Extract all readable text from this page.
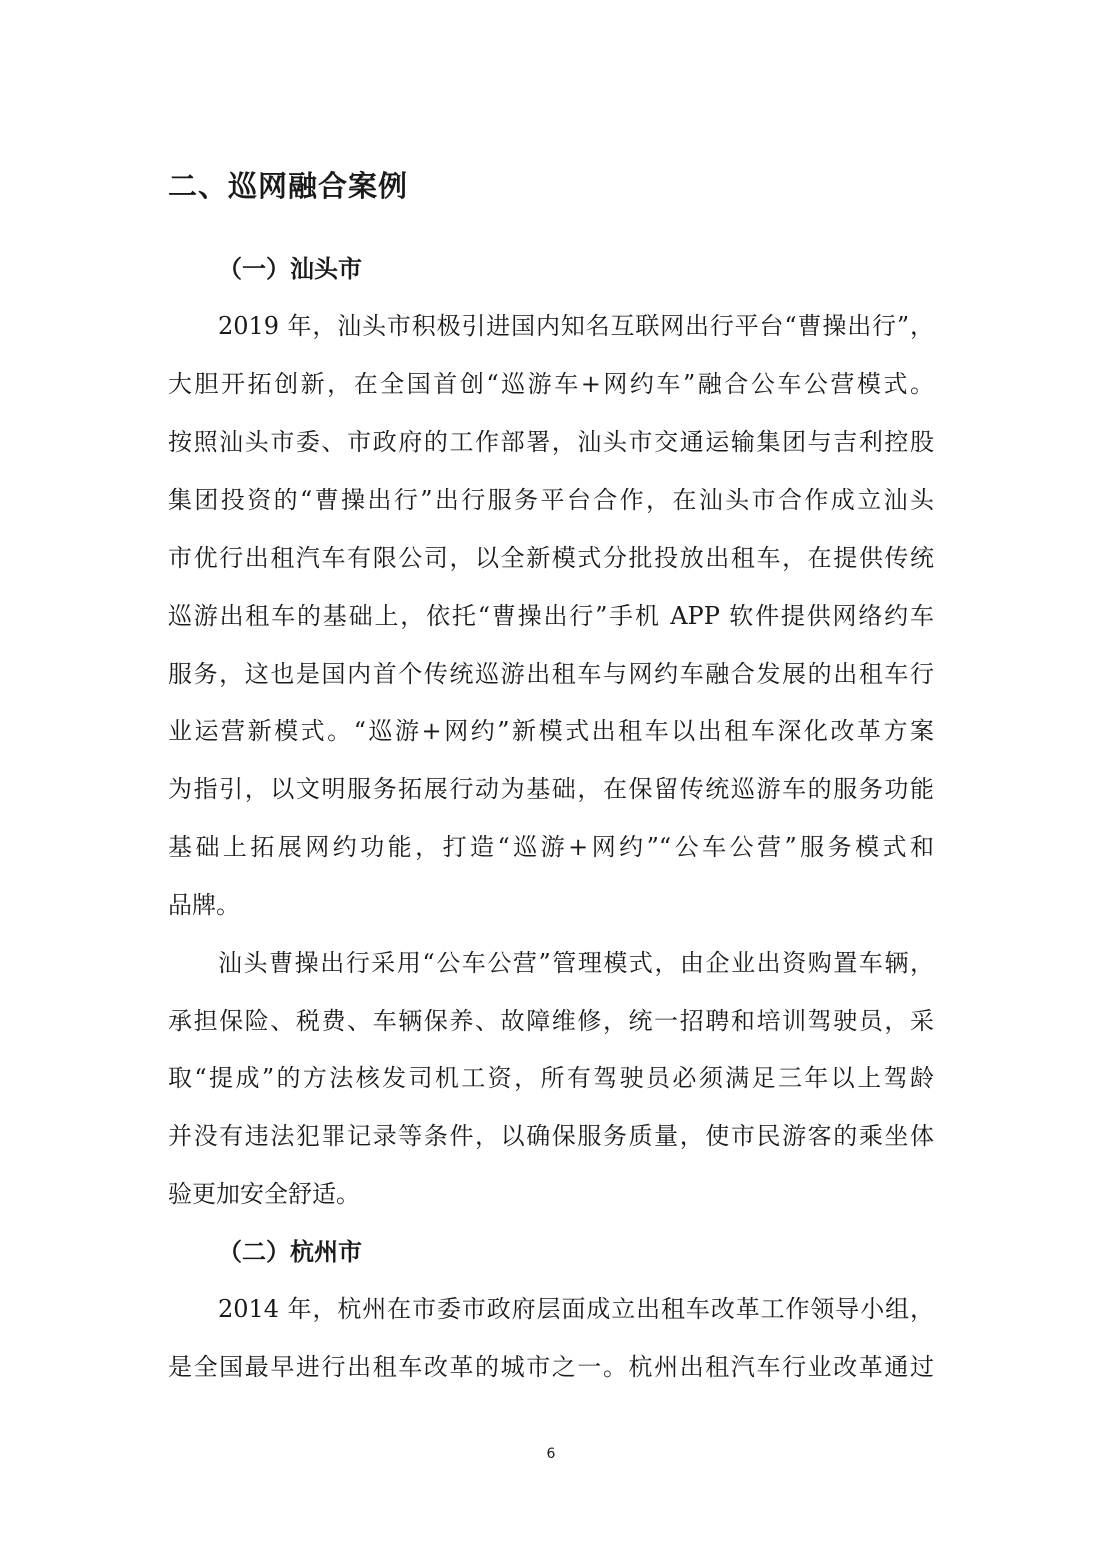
二、巡网融合案例
（一）汕头市
2019 年，汕头市积极引进国内知名互联网出行平台“曹操出行”，
大胆开拓创新，在全国首创“巡游车+网约车”融合公车公营模式。
按照汕头市委、市政府的工作部署，汕头市交通运输集团与吉利控股
集团投资的“曹操出行”出行服务平台合作，在汕头市合作成立汕头
市优行出租汽车有限公司，以全新模式分批投放出租车，在提供传统
巡游出租车的基础上，依托“曹操出行”手机 APP 软件提供网络约车
服务，这也是国内首个传统巡游出租车与网约车融合发展的出租车行
业运营新模式。“巡游+网约”新模式出租车以出租车深化改革方案
为指引，以文明服务拓展行动为基础，在保留传统巡游车的服务功能
基础上拓展网约功能，打造“巡游+网约”“公车公营”服务模式和
品牌。
汕头曹操出行采用“公车公营”管理模式，由企业出资购置车辆，
承担保险、税费、车辆保养、故障维修，统一招聘和培训驾驶员，采
取“提成”的方法核发司机工资，所有驾驶员必须满足三年以上驾龄
并没有违法犯罪记录等条件，以确保服务质量，使市民游客的乘坐体
验更加安全舒适。
（二）杭州市
2014 年，杭州在市委市政府层面成立出租车改革工作领导小组，
是全国最早进行出租车改革的城市之一。杭州出租汽车行业改革通过
6
